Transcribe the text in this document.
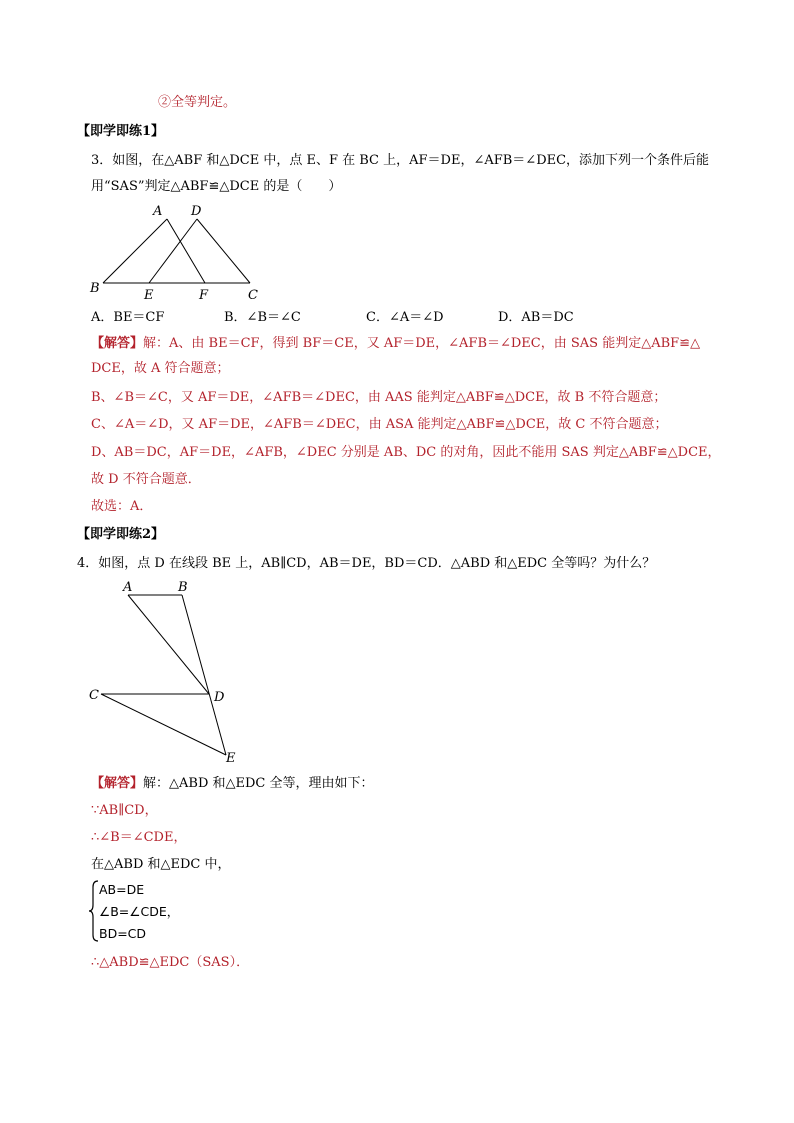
②全等判定。
【即学即练1】
3．如图，在△ABF 和△DCE 中，点 E、F 在 BC 上，AF＝DE，∠AFB＝∠DEC，添加下列一个条件后能
用“SAS”判定△ABF≌△DCE 的是（　　）
A D
B	E	F	C
A．BE＝CF	B．∠B＝∠C	C．∠A＝∠D	D．AB＝DC
【解答】解：A、由 BE＝CF，得到 BF＝CE，又 AF＝DE，∠AFB＝∠DEC，由 SAS 能判定△ABF≌△
DCE，故 A 符合题意；
B、∠B＝∠C，又 AF＝DE，∠AFB＝∠DEC，由 AAS 能判定△ABF≌△DCE，故 B 不符合题意；
C、∠A＝∠D，又 AF＝DE，∠AFB＝∠DEC，由 ASA 能判定△ABF≌△DCE，故 C 不符合题意；
D、AB＝DC，AF＝DE，∠AFB，∠DEC 分别是 AB、DC 的对角，因此不能用 SAS 判定△ABF≌△DCE，
故 D 不符合题意．
故选：A．
【即学即练2】
4．如图，点 D 在线段 BE 上，AB∥CD，AB＝DE，BD＝CD．△ABD 和△EDC 全等吗？为什么？
A	B
C	D
E
【解答】解：△ABD 和△EDC 全等，理由如下：
∵AB∥CD，
∴∠B＝∠CDE，
在△ABD 和△EDC 中，
AB=DE
∠B=∠CDE，
BD=CD
∴△ABD≌△EDC（SAS）．
